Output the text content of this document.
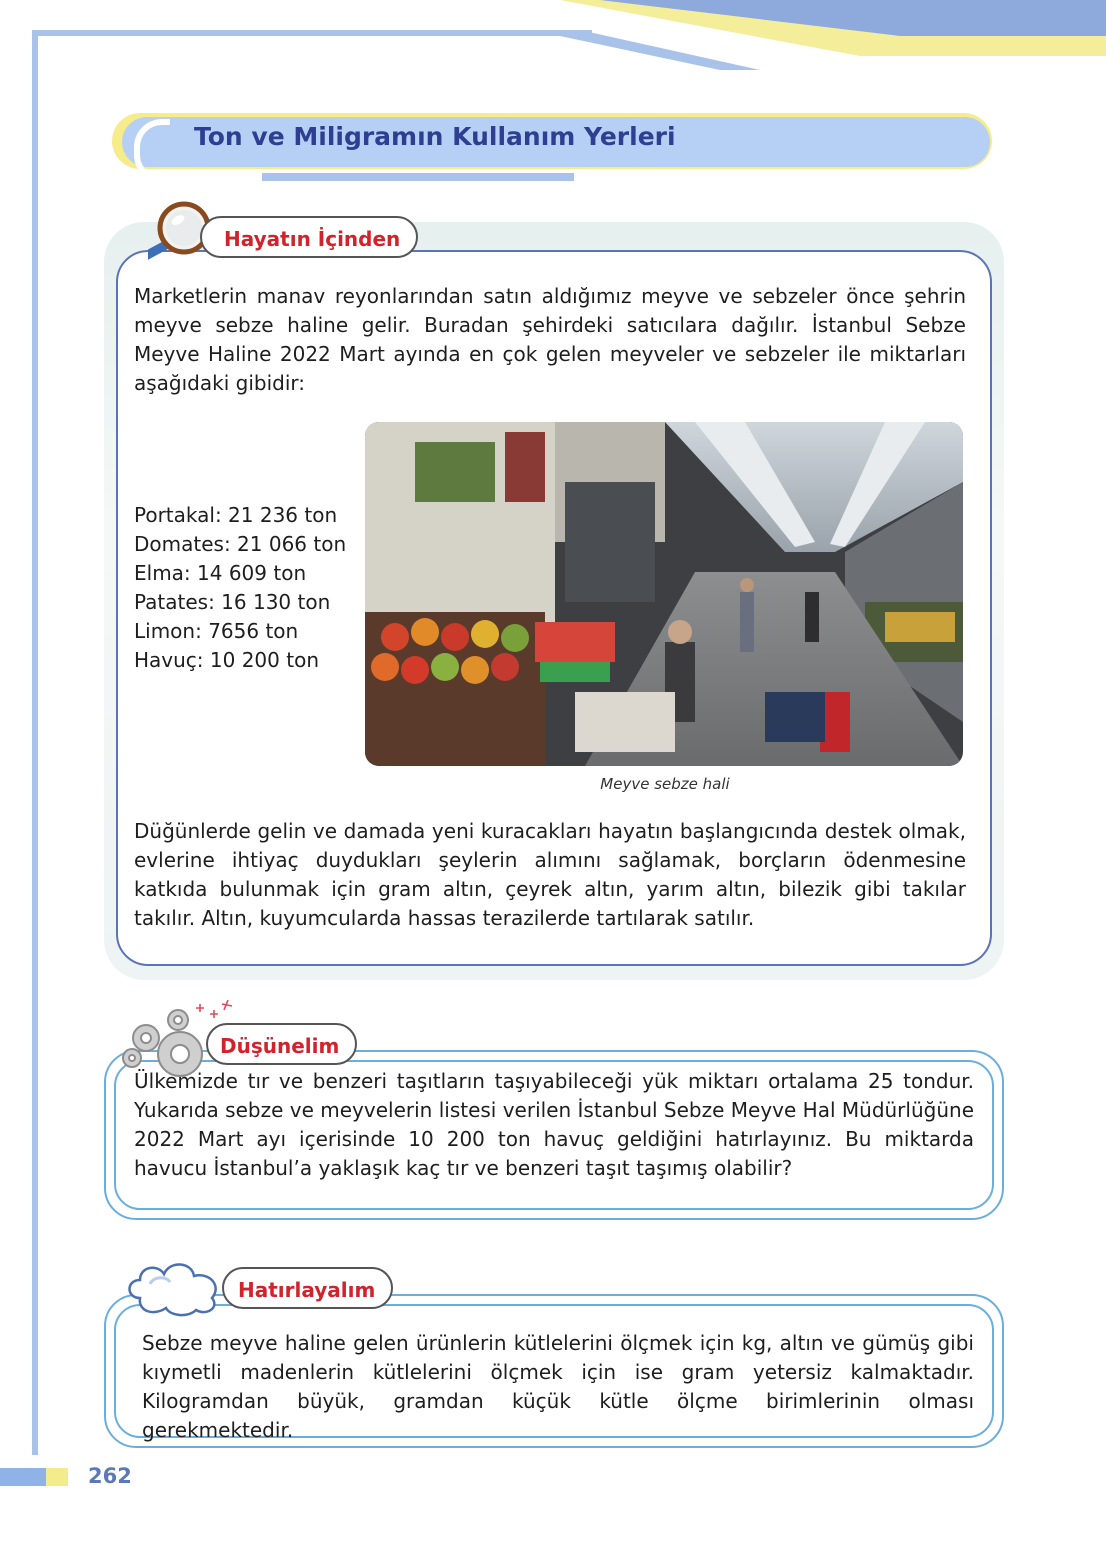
Ton ve Miligramın Kullanım Yerleri
Hayatın İçinden
Marketlerin manav reyonlarından satın aldığımız meyve ve sebzeler önce şehrin meyve sebze haline gelir. Buradan şehirdeki satıcılara dağılır. İstanbul Sebze Meyve Haline 2022 Mart ayında en çok gelen meyveler ve sebzeler ile miktarları aşağıdaki gibidir:
Portakal: 21 236 ton
Domates: 21 066 ton
Elma: 14 609 ton
Patates: 16 130 ton
Limon: 7656 ton
Havuç: 10 200 ton
Meyve sebze hali
Düğünlerde gelin ve damada yeni kuracakları hayatın başlangıcında destek olmak, evlerine ihtiyaç duydukları şeylerin alımını sağlamak, borçların ödenmesine katkıda bulunmak için gram altın, çeyrek altın, yarım altın, bilezik gibi takılar takılır. Altın, kuyumcularda hassas terazilerde tartılarak satılır.
Düşünelim
Ülkemizde tır ve benzeri taşıtların taşıyabileceği yük miktarı ortalama 25 tondur. Yukarıda sebze ve meyvelerin listesi verilen İstanbul Sebze Meyve Hal Müdürlüğüne 2022 Mart ayı içerisinde 10 200 ton havuç geldiğini hatırlayınız. Bu miktarda havucu İstanbul’a yaklaşık kaç tır ve benzeri taşıt taşımış olabilir?
Hatırlayalım
Sebze meyve haline gelen ürünlerin kütlelerini ölçmek için kg, altın ve gümüş gibi kıymetli madenlerin kütlelerini ölçmek için ise gram yetersiz kalmaktadır. Kilogramdan büyük, gramdan küçük kütle ölçme birimlerinin olması gerekmektedir.
262
